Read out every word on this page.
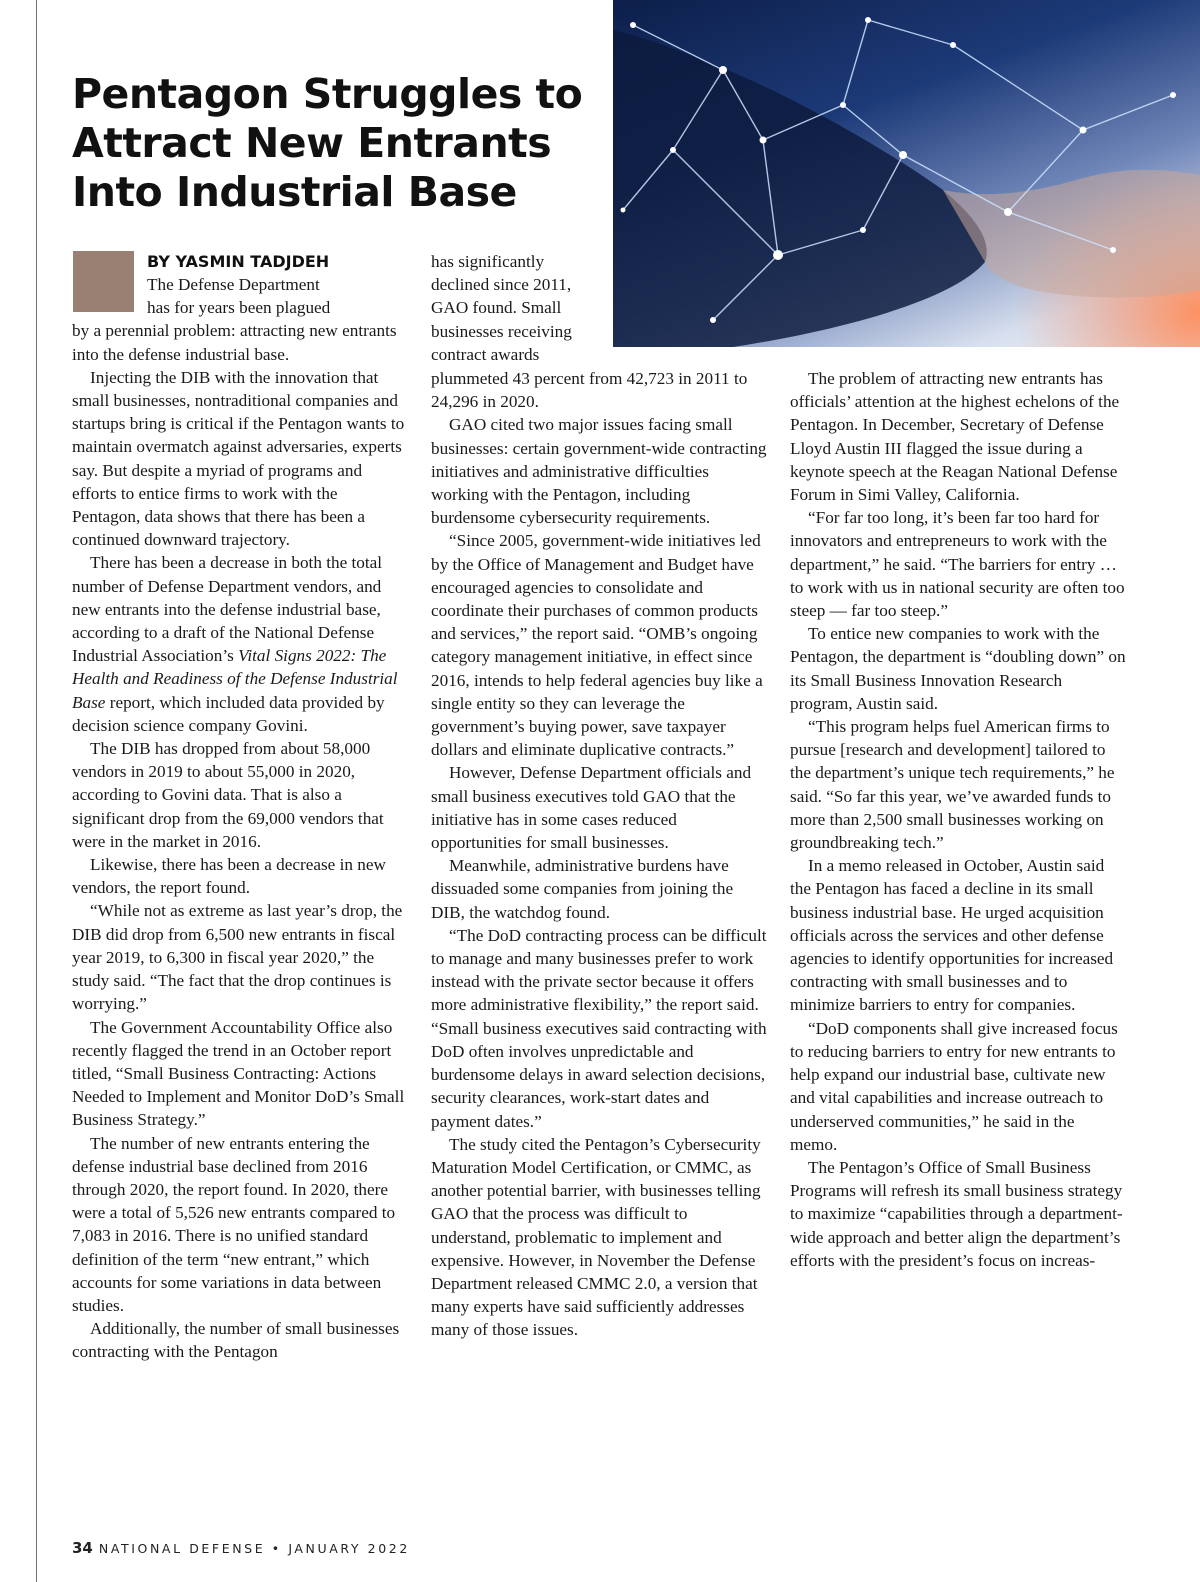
Pentagon Struggles to Attract New Entrants Into Industrial Base

BY YASMIN TADJDEH

The Defense Department

has for years been plagued

by a perennial problem: attracting new entrants into the defense industrial base.

Injecting the DIB with the innovation that small businesses, nontraditional companies and startups bring is critical if the Pentagon wants to maintain overmatch against adversaries, experts say. But despite a myriad of programs and efforts to entice firms to work with the Pentagon, data shows that there has been a continued downward trajectory.

There has been a decrease in both the total number of Defense Department vendors, and new entrants into the defense industrial base, according to a draft of the National Defense Industrial Association’s Vital Signs 2022: The Health and Readiness of the Defense Industrial Base report, which included data provided by decision science company Govini.

The DIB has dropped from about 58,000 vendors in 2019 to about 55,000 in 2020, according to Govini data. That is also a significant drop from the 69,000 vendors that were in the market in 2016.

Likewise, there has been a decrease in new vendors, the report found.

“While not as extreme as last year’s drop, the DIB did drop from 6,500 new entrants in fiscal year 2019, to 6,300 in fiscal year 2020,” the study said. “The fact that the drop continues is worrying.”

The Government Accountability Office also recently flagged the trend in an October report titled, “Small Business Contracting: Actions Needed to Implement and Monitor DoD’s Small Business Strategy.”

The number of new entrants entering the defense industrial base declined from 2016 through 2020, the report found. In 2020, there were a total of 5,526 new entrants compared to 7,083 in 2016. There is no unified standard definition of the term “new entrant,” which accounts for some variations in data between studies.

Additionally, the number of small businesses contracting with the Pentagon

has significantly declined since 2011, GAO found. Small businesses receiving contract awards

plummeted 43 percent from 42,723 in 2011 to 24,296 in 2020.

GAO cited two major issues facing small businesses: certain government-wide contracting initiatives and administrative difficulties working with the Pentagon, including burdensome cybersecurity requirements.

“Since 2005, government-wide initiatives led by the Office of Management and Budget have encouraged agencies to consolidate and coordinate their purchases of common products and services,” the report said. “OMB’s ongoing category management initiative, in effect since 2016, intends to help federal agencies buy like a single entity so they can leverage the government’s buying power, save taxpayer dollars and eliminate duplicative contracts.”

However, Defense Department officials and small business executives told GAO that the initiative has in some cases reduced opportunities for small businesses.

Meanwhile, administrative burdens have dissuaded some companies from joining the DIB, the watchdog found.

“The DoD contracting process can be difficult to manage and many businesses prefer to work instead with the private sector because it offers more administrative flexibility,” the report said. “Small business executives said contracting with DoD often involves unpredictable and burdensome delays in award selection decisions, security clearances, work-start dates and payment dates.”

The study cited the Pentagon’s Cybersecurity Maturation Model Certification, or CMMC, as another potential barrier, with businesses telling GAO that the process was difficult to understand, problematic to implement and expensive. However, in November the Defense Department released CMMC 2.0, a version that many experts have said sufficiently addresses many of those issues.

The problem of attracting new entrants has officials’ attention at the highest echelons of the Pentagon. In December, Secretary of Defense Lloyd Austin III flagged the issue during a keynote speech at the Reagan National Defense Forum in Simi Valley, California.

“For far too long, it’s been far too hard for innovators and entrepreneurs to work with the department,” he said. “The barriers for entry … to work with us in national security are often too steep — far too steep.”

To entice new companies to work with the Pentagon, the department is “doubling down” on its Small Business Innovation Research program, Austin said.

“This program helps fuel American firms to pursue [research and development] tailored to the department’s unique tech requirements,” he said. “So far this year, we’ve awarded funds to more than 2,500 small businesses working on groundbreaking tech.”

In a memo released in October, Austin said the Pentagon has faced a decline in its small business industrial base. He urged acquisition officials across the services and other defense agencies to identify opportunities for increased contracting with small businesses and to minimize barriers to entry for companies.

“DoD components shall give increased focus to reducing barriers to entry for new entrants to help expand our industrial base, cultivate new and vital capabilities and increase outreach to underserved communities,” he said in the memo.

The Pentagon’s Office of Small Business Programs will refresh its small business strategy to maximize “capabilities through a department-wide approach and better align the department’s efforts with the president’s focus on increas-

34 NATIONAL DEFENSE • JANUARY 2022
